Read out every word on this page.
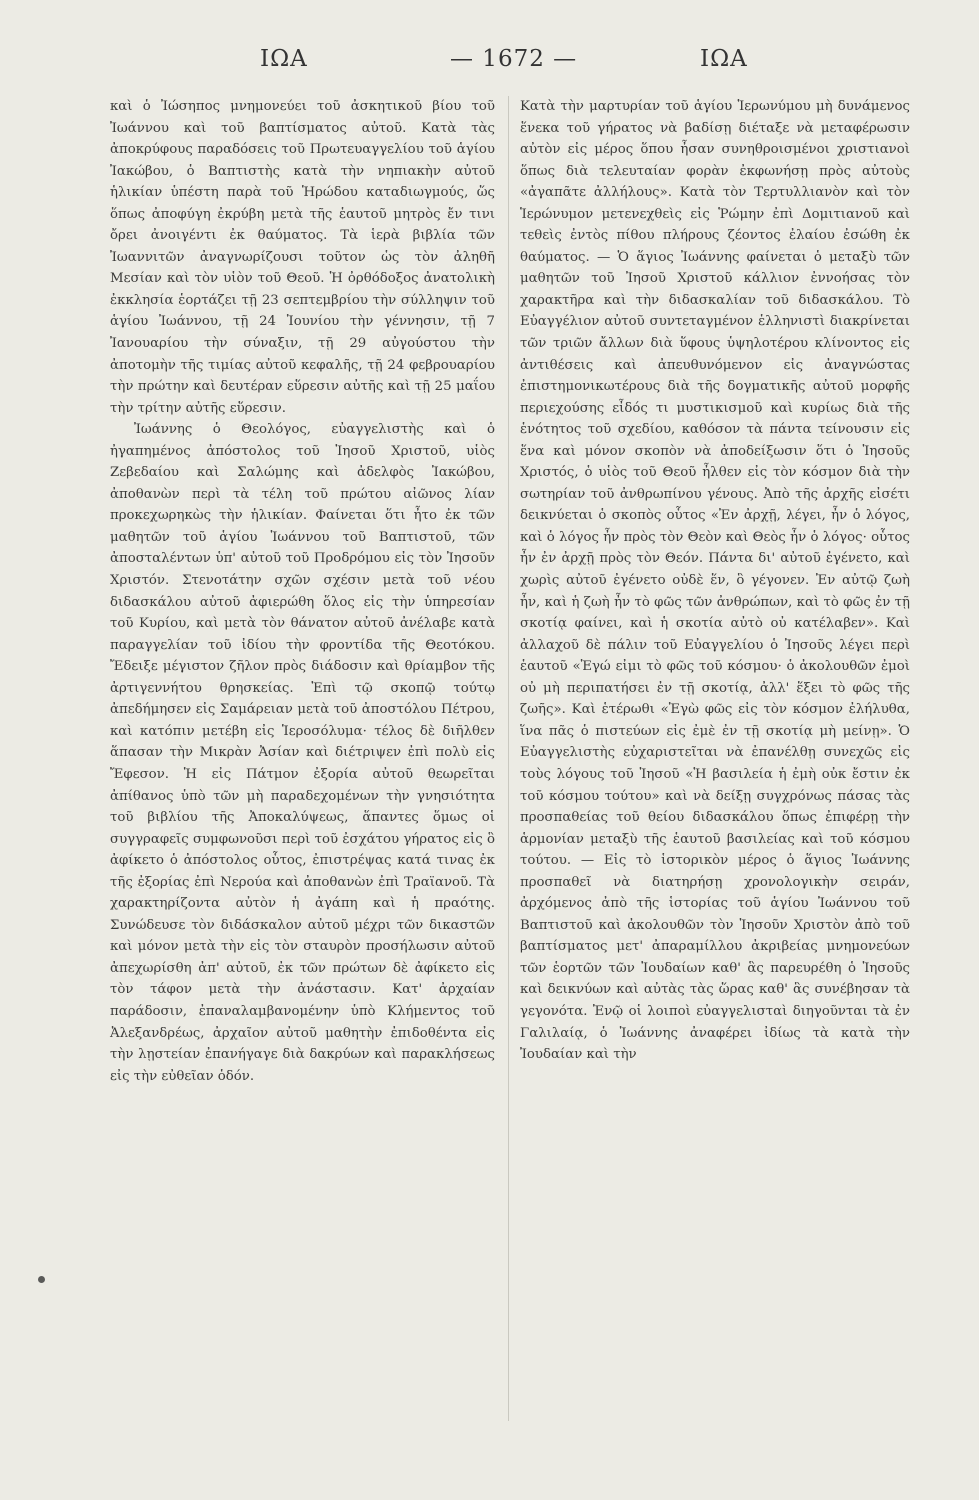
ΙΩΑ	— 1672 —	ΙΩΑ

καὶ ὁ Ἰώσηπος μνημονεύει τοῦ ἀσκητικοῦ βίου τοῦ Ἰωάννου καὶ τοῦ βαπτίσματος αὐτοῦ. Κατὰ τὰς ἀποκρύφους παραδόσεις τοῦ Πρωτευαγγελίου τοῦ ἁγίου Ἰακώβου, ὁ Βαπτιστὴς κατὰ τὴν νηπιακὴν αὐτοῦ ἡλικίαν ὑπέστη παρὰ τοῦ Ἡρώδου καταδιωγμούς, ὥς ὅπως ἀποφύγη ἐκρύβη μετὰ τῆς ἑαυτοῦ μητρὸς ἔν τινι ὄρει ἀνοιγέντι ἐκ θαύματος. Τὰ ἱερὰ βιβλία τῶν Ἰωαννιτῶν ἀναγνωρίζουσι τοῦτον ὡς τὸν ἀληθῆ Μεσίαν καὶ τὸν υἱὸν τοῦ Θεοῦ. Ἡ ὀρθόδοξος ἀνατολικὴ ἐκκλησία ἑορτάζει τῇ 23 σεπτεμβρίου τὴν σύλληψιν τοῦ ἁγίου Ἰωάννου, τῇ 24 Ἰουνίου τὴν γέννησιν, τῇ 7 Ἰανουαρίου τὴν σύναξιν, τῇ 29 αὐγούστου τὴν ἀποτομὴν τῆς τιμίας αὐτοῦ κεφαλῆς, τῇ 24 φεβρουαρίου τὴν πρώτην καὶ δευτέραν εὕρεσιν αὐτῆς καὶ τῇ 25 μαΐου τὴν τρίτην αὐτῆς εὕρεσιν.

Ἰωάννης ὁ Θεολόγος, εὐαγγελιστὴς καὶ ὁ ἠγαπημένος ἀπόστολος τοῦ Ἰησοῦ Χριστοῦ, υἱὸς Ζεβεδαίου καὶ Σαλώμης καὶ ἀδελφὸς Ἰακώβου, ἀποθανὼν περὶ τὰ τέλη τοῦ πρώτου αἰῶνος λίαν προκεχωρηκὼς τὴν ἡλικίαν. Φαίνεται ὅτι ἦτο ἐκ τῶν μαθητῶν τοῦ ἁγίου Ἰωάννου τοῦ Βαπτιστοῦ, τῶν ἀποσταλέντων ὑπ' αὐτοῦ τοῦ Προδρόμου εἰς τὸν Ἰησοῦν Χριστόν. Στενοτάτην σχῶν σχέσιν μετὰ τοῦ νέου διδασκάλου αὐτοῦ ἀφιερώθη ὅλος εἰς τὴν ὑπηρεσίαν τοῦ Κυρίου, καὶ μετὰ τὸν θάνατον αὐτοῦ ἀνέλαβε κατὰ παραγγελίαν τοῦ ἰδίου τὴν φροντίδα τῆς Θεοτόκου. Ἔδειξε μέγιστον ζῆλον πρὸς διάδοσιν καὶ θρίαμβον τῆς ἀρτιγεννήτου θρησκείας. Ἐπὶ τῷ σκοπῷ τούτῳ ἀπεδήμησεν εἰς Σαμάρειαν μετὰ τοῦ ἀποστόλου Πέτρου, καὶ κατόπιν μετέβη εἰς Ἱεροσόλυμα· τέλος δὲ διῆλθεν ἅπασαν τὴν Μικρὰν Ἀσίαν καὶ διέτριψεν ἐπὶ πολὺ εἰς Ἔφεσον. Ἡ εἰς Πάτμον ἐξορία αὐτοῦ θεωρεῖται ἀπίθανος ὑπὸ τῶν μὴ παραδεχομένων τὴν γνησιότητα τοῦ βιβλίου τῆς Ἀποκαλύψεως, ἅπαντες ὅμως οἱ συγγραφεῖς συμφωνοῦσι περὶ τοῦ ἐσχάτου γήρατος εἰς ὃ ἀφίκετο ὁ ἀπόστολος οὗτος, ἐπιστρέψας κατά τινας ἐκ τῆς ἐξορίας ἐπὶ Νερούα καὶ ἀποθανὼν ἐπὶ Τραϊανοῦ. Τὰ χαρακτηρίζοντα αὐτὸν ἡ ἀγάπη καὶ ἡ πραότης. Συνώδευσε τὸν διδάσκαλον αὐτοῦ μέχρι τῶν δικαστῶν καὶ μόνον μετὰ τὴν εἰς τὸν σταυρὸν προσήλωσιν αὐτοῦ ἀπεχωρίσθη ἀπ' αὐτοῦ, ἐκ τῶν πρώτων δὲ ἀφίκετο εἰς τὸν τάφον μετὰ τὴν ἀνάστασιν. Κατ' ἀρχαίαν παράδοσιν, ἐπαναλαμβανομένην ὑπὸ Κλήμεντος τοῦ Ἀλεξανδρέως, ἀρχαῖον αὐτοῦ μαθητὴν ἐπιδοθέντα εἰς τὴν λῃστείαν ἐπανήγαγε διὰ δακρύων καὶ παρακλήσεως εἰς τὴν εὐθεῖαν ὁδόν.

Κατὰ τὴν μαρτυρίαν τοῦ ἁγίου Ἱερωνύμου μὴ δυνάμενος ἕνεκα τοῦ γήρατος νὰ βαδίσῃ διέταξε νὰ μεταφέρωσιν αὐτὸν εἰς μέρος ὅπου ἦσαν συνηθροισμένοι χριστιανοὶ ὅπως διὰ τελευταίαν φορὰν ἐκφωνήσῃ πρὸς αὐτοὺς «ἀγαπᾶτε ἀλλήλους». Κατὰ τὸν Τερτυλλιανὸν καὶ τὸν Ἱερώνυμον μετενεχθεὶς εἰς Ῥώμην ἐπὶ Δομιτιανοῦ καὶ τεθεὶς ἐντὸς πίθου πλήρους ζέοντος ἐλαίου ἐσώθη ἐκ θαύματος. — Ὁ ἅγιος Ἰωάννης φαίνεται ὁ μεταξὺ τῶν μαθητῶν τοῦ Ἰησοῦ Χριστοῦ κάλλιον ἐννοήσας τὸν χαρακτῆρα καὶ τὴν διδασκαλίαν τοῦ διδασκάλου. Τὸ Εὐαγγέλιον αὐτοῦ συντεταγμένον ἑλληνιστὶ διακρίνεται τῶν τριῶν ἄλλων διὰ ὕφους ὑψηλοτέρου κλίνοντος εἰς ἀντιθέσεις καὶ ἀπευθυνόμενον εἰς ἀναγνώστας ἐπιστημονικωτέρους διὰ τῆς δογματικῆς αὐτοῦ μορφῆς περιεχούσης εἶδός τι μυστικισμοῦ καὶ κυρίως διὰ τῆς ἑνότητος τοῦ σχεδίου, καθόσον τὰ πάντα τείνουσιν εἰς ἕνα καὶ μόνον σκοπὸν νὰ ἀποδείξωσιν ὅτι ὁ Ἰησοῦς Χριστός, ὁ υἱὸς τοῦ Θεοῦ ἦλθεν εἰς τὸν κόσμον διὰ τὴν σωτηρίαν τοῦ ἀνθρωπίνου γένους. Ἀπὸ τῆς ἀρχῆς εἰσέτι δεικνύεται ὁ σκοπὸς οὗτος «Ἐν ἀρχῇ, λέγει, ἦν ὁ λόγος, καὶ ὁ λόγος ἦν πρὸς τὸν Θεὸν καὶ Θεὸς ἦν ὁ λόγος· οὗτος ἦν ἐν ἀρχῇ πρὸς τὸν Θεόν. Πάντα δι' αὐτοῦ ἐγένετο, καὶ χωρὶς αὐτοῦ ἐγένετο οὐδὲ ἕν, ὃ γέγονεν. Ἐν αὐτῷ ζωὴ ἦν, καὶ ἡ ζωὴ ἦν τὸ φῶς τῶν ἀνθρώπων, καὶ τὸ φῶς ἐν τῇ σκοτίᾳ φαίνει, καὶ ἡ σκοτία αὐτὸ οὐ κατέλαβεν». Καὶ ἀλλαχοῦ δὲ πάλιν τοῦ Εὐαγγελίου ὁ Ἰησοῦς λέγει περὶ ἑαυτοῦ «Ἐγώ εἰμι τὸ φῶς τοῦ κόσμου· ὁ ἀκολουθῶν ἐμοὶ οὐ μὴ περιπατήσει ἐν τῇ σκοτίᾳ, ἀλλ' ἕξει τὸ φῶς τῆς ζωῆς». Καὶ ἑτέρωθι «Ἐγὼ φῶς εἰς τὸν κόσμον ἐλήλυθα, ἵνα πᾶς ὁ πιστεύων εἰς ἐμὲ ἐν τῇ σκοτίᾳ μὴ μείνῃ». Ὁ Εὐαγγελιστὴς εὐχαριστεῖται νὰ ἐπανέλθῃ συνεχῶς εἰς τοὺς λόγους τοῦ Ἰησοῦ «Ἡ βασιλεία ἡ ἐμὴ οὐκ ἔστιν ἐκ τοῦ κόσμου τούτου» καὶ νὰ δείξῃ συγχρόνως πάσας τὰς προσπαθείας τοῦ θείου διδασκάλου ὅπως ἐπιφέρῃ τὴν ἁρμονίαν μεταξὺ τῆς ἑαυτοῦ βασιλείας καὶ τοῦ κόσμου τούτου. — Εἰς τὸ ἱστορικὸν μέρος ὁ ἅγιος Ἰωάννης προσπαθεῖ νὰ διατηρήσῃ χρονολογικὴν σειράν, ἀρχόμενος ἀπὸ τῆς ἱστορίας τοῦ ἁγίου Ἰωάννου τοῦ Βαπτιστοῦ καὶ ἀκολουθῶν τὸν Ἰησοῦν Χριστὸν ἀπὸ τοῦ βαπτίσματος μετ' ἀπαραμίλλου ἀκριβείας μνημονεύων τῶν ἑορτῶν τῶν Ἰουδαίων καθ' ἃς παρευρέθη ὁ Ἰησοῦς καὶ δεικνύων καὶ αὐτὰς τὰς ὥρας καθ' ἃς συνέβησαν τὰ γεγονότα. Ἐνῷ οἱ λοιποὶ εὐαγγελισταὶ διηγοῦνται τὰ ἐν Γαλιλαίᾳ, ὁ Ἰωάννης ἀναφέρει ἰδίως τὰ κατὰ τὴν Ἰουδαίαν καὶ τὴν
